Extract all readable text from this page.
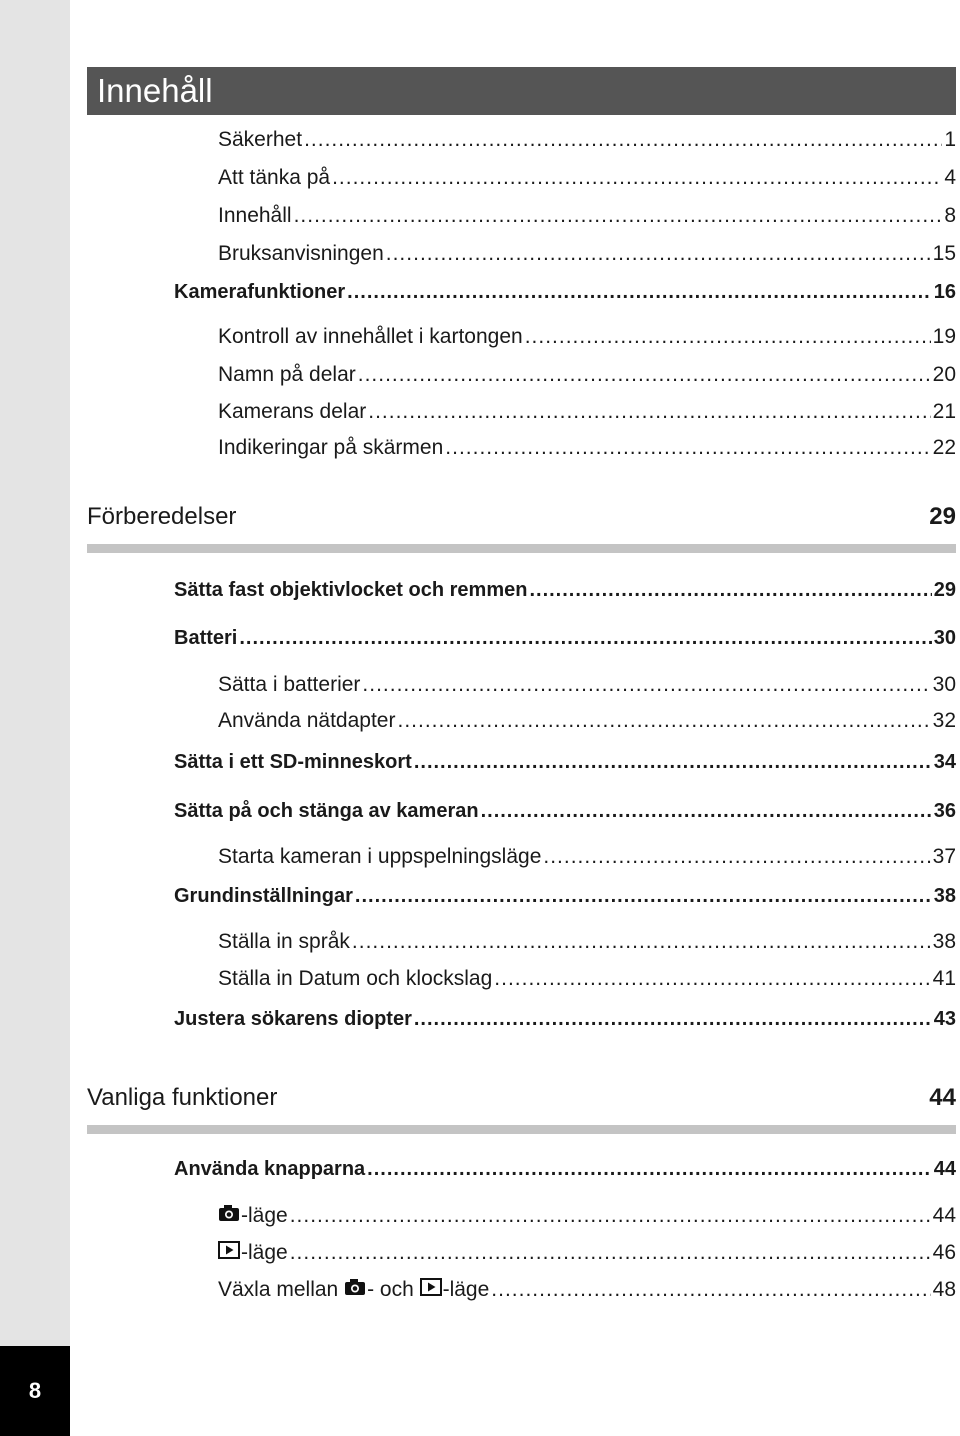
8
Innehåll
Säkerhet .....	1
Att tänka på .....	4
Innehåll .....	8
Bruksanvisningen .....	15
Kamerafunktioner .....	16
Kontroll av innehållet i kartongen .....	19
Namn på delar .....	20
Kamerans delar .....	21
Indikeringar på skärmen .....	22
Förberedelser	29
Sätta fast objektivlocket och remmen .....	29
Batteri .....	30
Sätta i batterier .....	30
Använda nätdapter .....	32
Sätta i ett SD-minneskort .....	34
Sätta på och stänga av kameran .....	36
Starta kameran i uppspelningsläge .....	37
Grundinställningar .....	38
Ställa in språk .....	38
Ställa in Datum och klockslag .....	41
Justera sökarens diopter .....	43
Vanliga funktioner	44
Använda knapparna .....	44
-läge .....	44
-läge .....	46
Växla mellan - och -läge .....	48
